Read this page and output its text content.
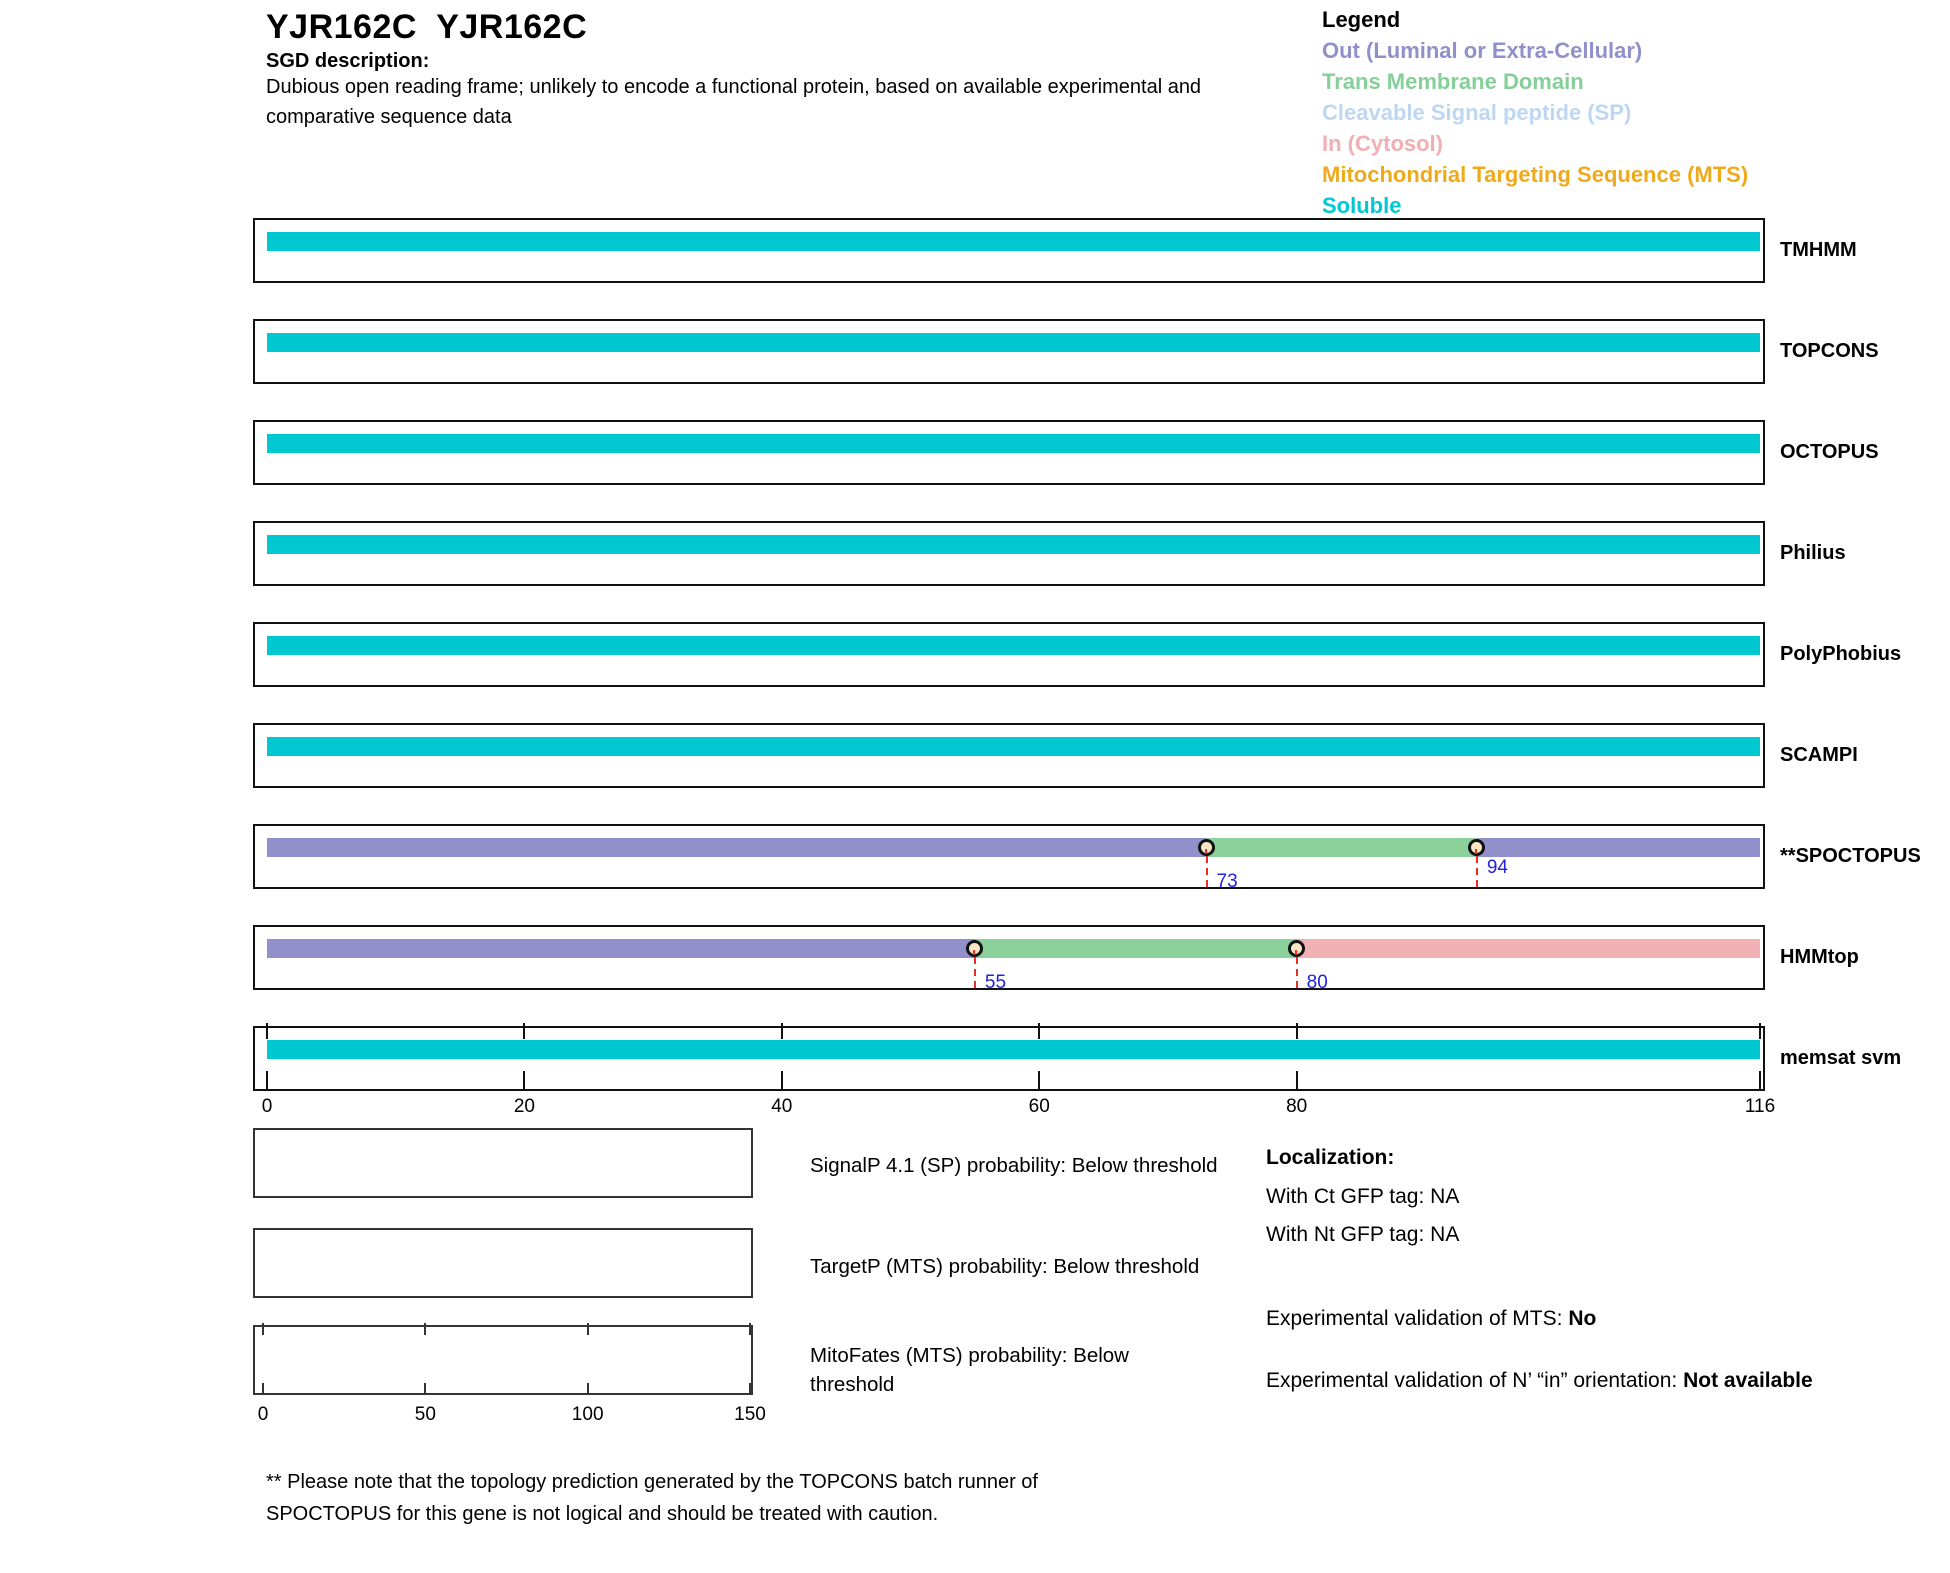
YJR162C  YJR162C
SGD description:
Dubious open reading frame; unlikely to encode a functional protein, based on available experimental and comparative sequence data
Legend
Out (Luminal or Extra-Cellular)
Trans Membrane Domain
Cleavable Signal peptide (SP)
In (Cytosol)
Mitochondrial Targeting Sequence (MTS)
Soluble
TMHMM
TOPCONS
OCTOPUS
Philius
PolyPhobius
SCAMPI
73
94
**SPOCTOPUS
55	80
HMMtop
memsat svm
0	20	40	60	80	116
SignalP 4.1 (SP) probability: Below threshold
TargetP (MTS) probability: Below threshold
MitoFates (MTS) probability: Below threshold
0	50	100	150
Localization:
With Ct GFP tag: NA
With Nt GFP tag: NA
Experimental validation of MTS: No
Experimental validation of N’ “in” orientation: Not available
** Please note that the topology prediction generated by the TOPCONS batch runner of SPOCTOPUS for this gene is not logical and should be treated with caution.
